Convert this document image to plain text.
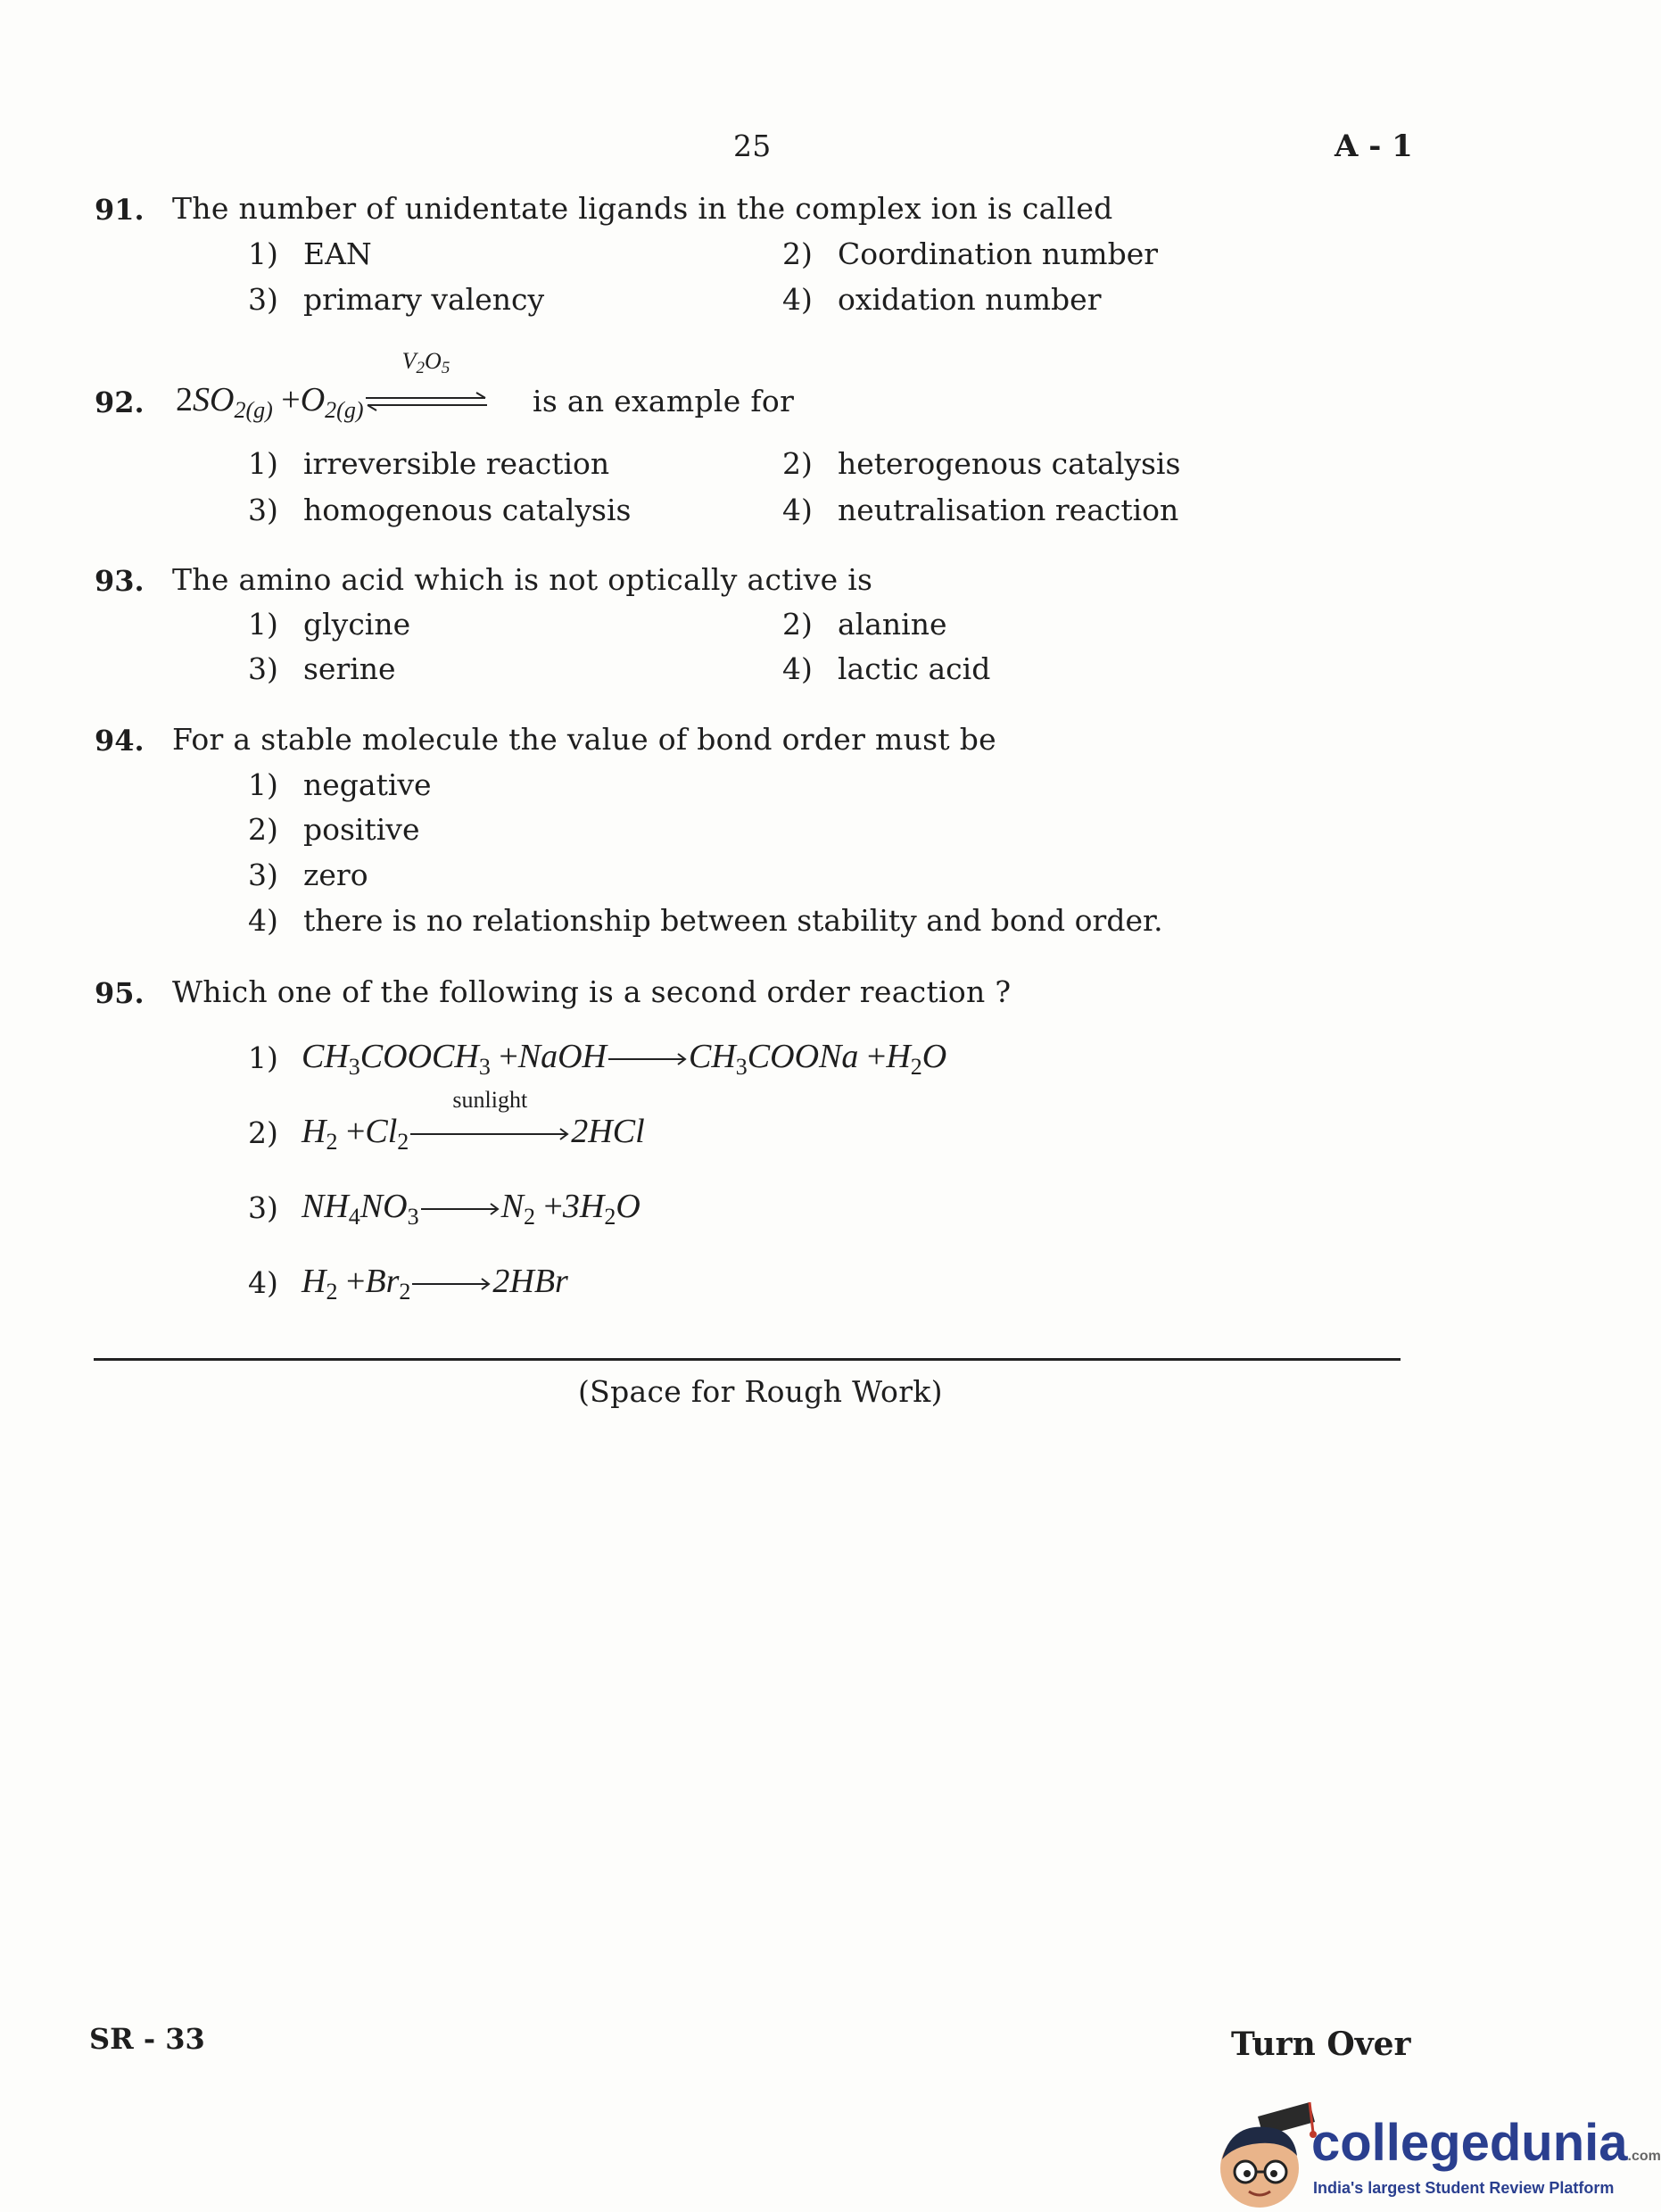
25	A - 1
91. The number of unidentate ligands in the complex ion is called
1) EAN	2) Coordination number
3) primary valency	4) oxidation number
92. $2SO_{2(g)} +O_{2(g)}$
$V_2O_5$
is an example for
1) irreversible reaction	2) heterogenous catalysis
3) homogenous catalysis	4) neutralisation reaction
93. The amino acid which is not optically active is
1) glycine	2) alanine
3) serine	4) lactic acid
94. For a stable molecule the value of bond order must be
1) negative
2) positive
3) zero
4) there is no relationship between stability and bond order.
95. Which one of the following is a second order reaction ?
1) $CH_3COOCH_3$ $+NaOH\to CH_3COONa +H_2O$
2) $H_2 +Cl_2$
sunlight
2HCl
3) $NH_4NO_3\to N_2 +3H_2O$
4) $H_2 +Br_2\to 2HBr$
(Space for Rough Work)
SR - 33	Turn Over
collegedunia.com
India's largest Student Review Platform
